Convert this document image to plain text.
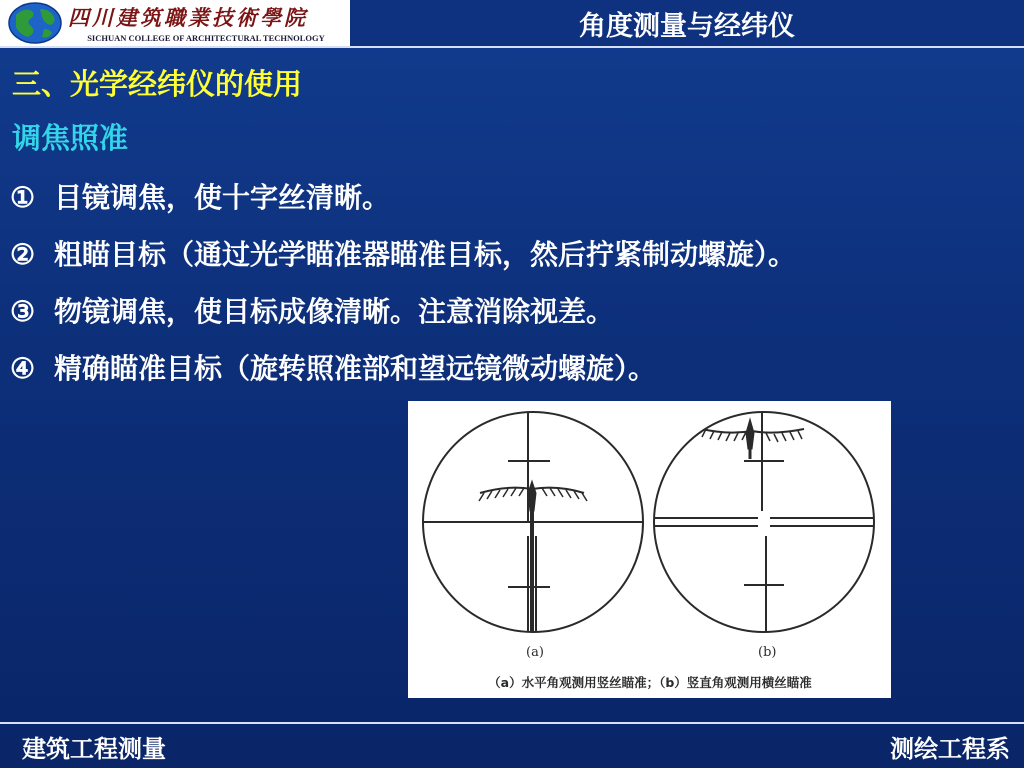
四川建筑職業技術學院
SICHUAN COLLEGE OF ARCHITECTURAL TECHNOLOGY	角度测量与经纬仪
三、光学经纬仪的使用
调焦照准
① 目镜调焦，使十字丝清晰。
② 粗瞄目标（通过光学瞄准器瞄准目标，然后拧紧制动螺旋）。
③ 物镜调焦，使目标成像清晰。注意消除视差。
④ 精确瞄准目标（旋转照准部和望远镜微动螺旋）。
(a)	(b)
（a）水平角观测用竖丝瞄准；（b）竖直角观测用横丝瞄准
建筑工程测量	测绘工程系
